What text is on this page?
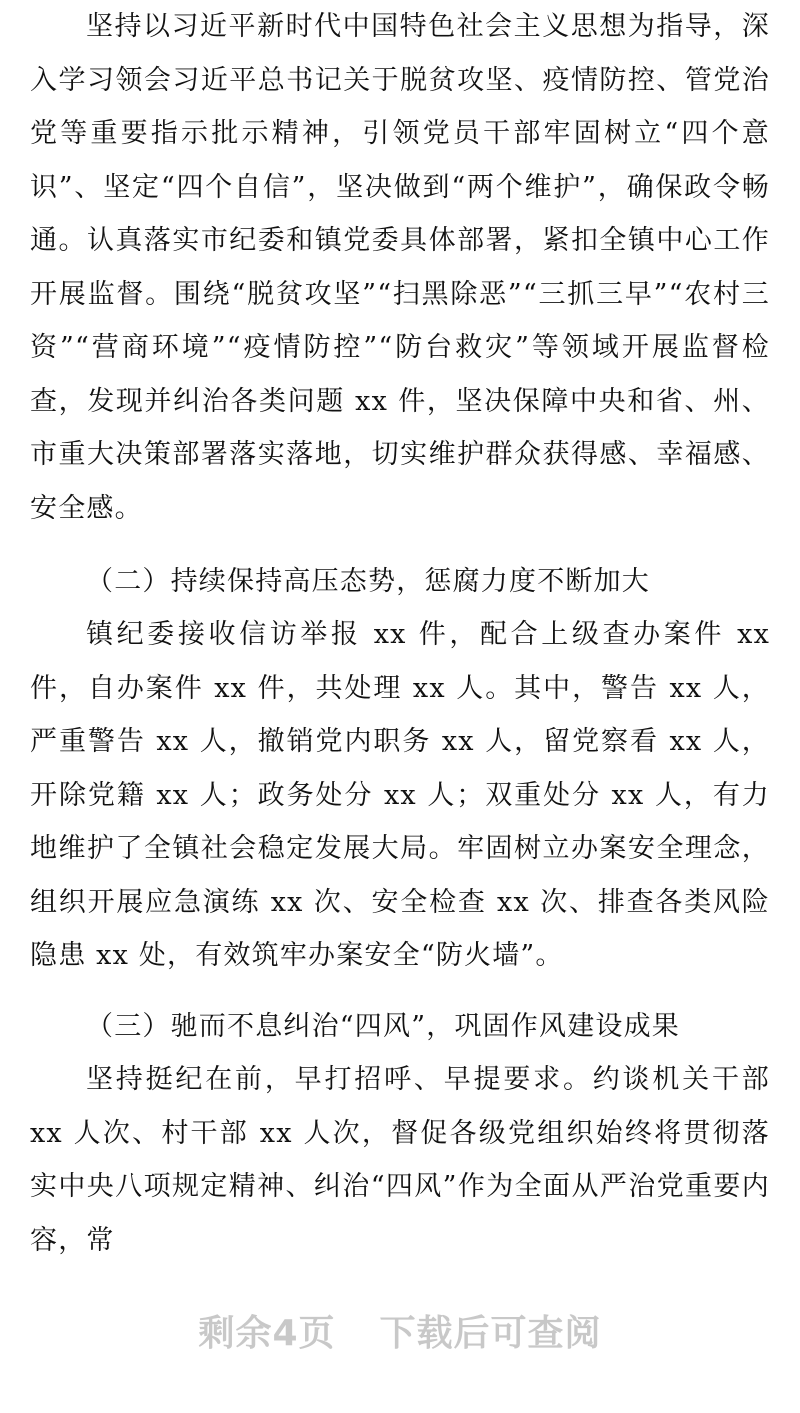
坚持以习近平新时代中国特色社会主义思想为指导，深入学习领会习近平总书记关于脱贫攻坚、疫情防控、管党治党等重要指示批示精神，引领党员干部牢固树立“四个意识”、坚定“四个自信”，坚决做到“两个维护”，确保政令畅通。认真落实市纪委和镇党委具体部署，紧扣全镇中心工作开展监督。围绕“脱贫攻坚”“扫黑除恶”“三抓三早”“农村三资”“营商环境”“疫情防控”“防台救灾”等领域开展监督检查，发现并纠治各类问题 xx 件，坚决保障中央和省、州、市重大决策部署落实落地，切实维护群众获得感、幸福感、安全感。

（二）持续保持高压态势，惩腐力度不断加大

镇纪委接收信访举报 xx 件，配合上级查办案件 xx 件，自办案件 xx 件，共处理 xx 人。其中，警告 xx 人，严重警告 xx 人，撤销党内职务 xx 人，留党察看 xx 人，开除党籍 xx 人；政务处分 xx 人；双重处分 xx 人，有力地维护了全镇社会稳定发展大局。牢固树立办案安全理念，组织开展应急演练 xx 次、安全检查 xx 次、排查各类风险隐患 xx 处，有效筑牢办案安全“防火墙”。

（三）驰而不息纠治“四风”，巩固作风建设成果

坚持挺纪在前，早打招呼、早提要求。约谈机关干部 xx 人次、村干部 xx 人次，督促各级党组织始终将贯彻落实中央八项规定精神、纠治“四风”作为全面从严治党重要内容，常

剩余4页 下载后可查阅
